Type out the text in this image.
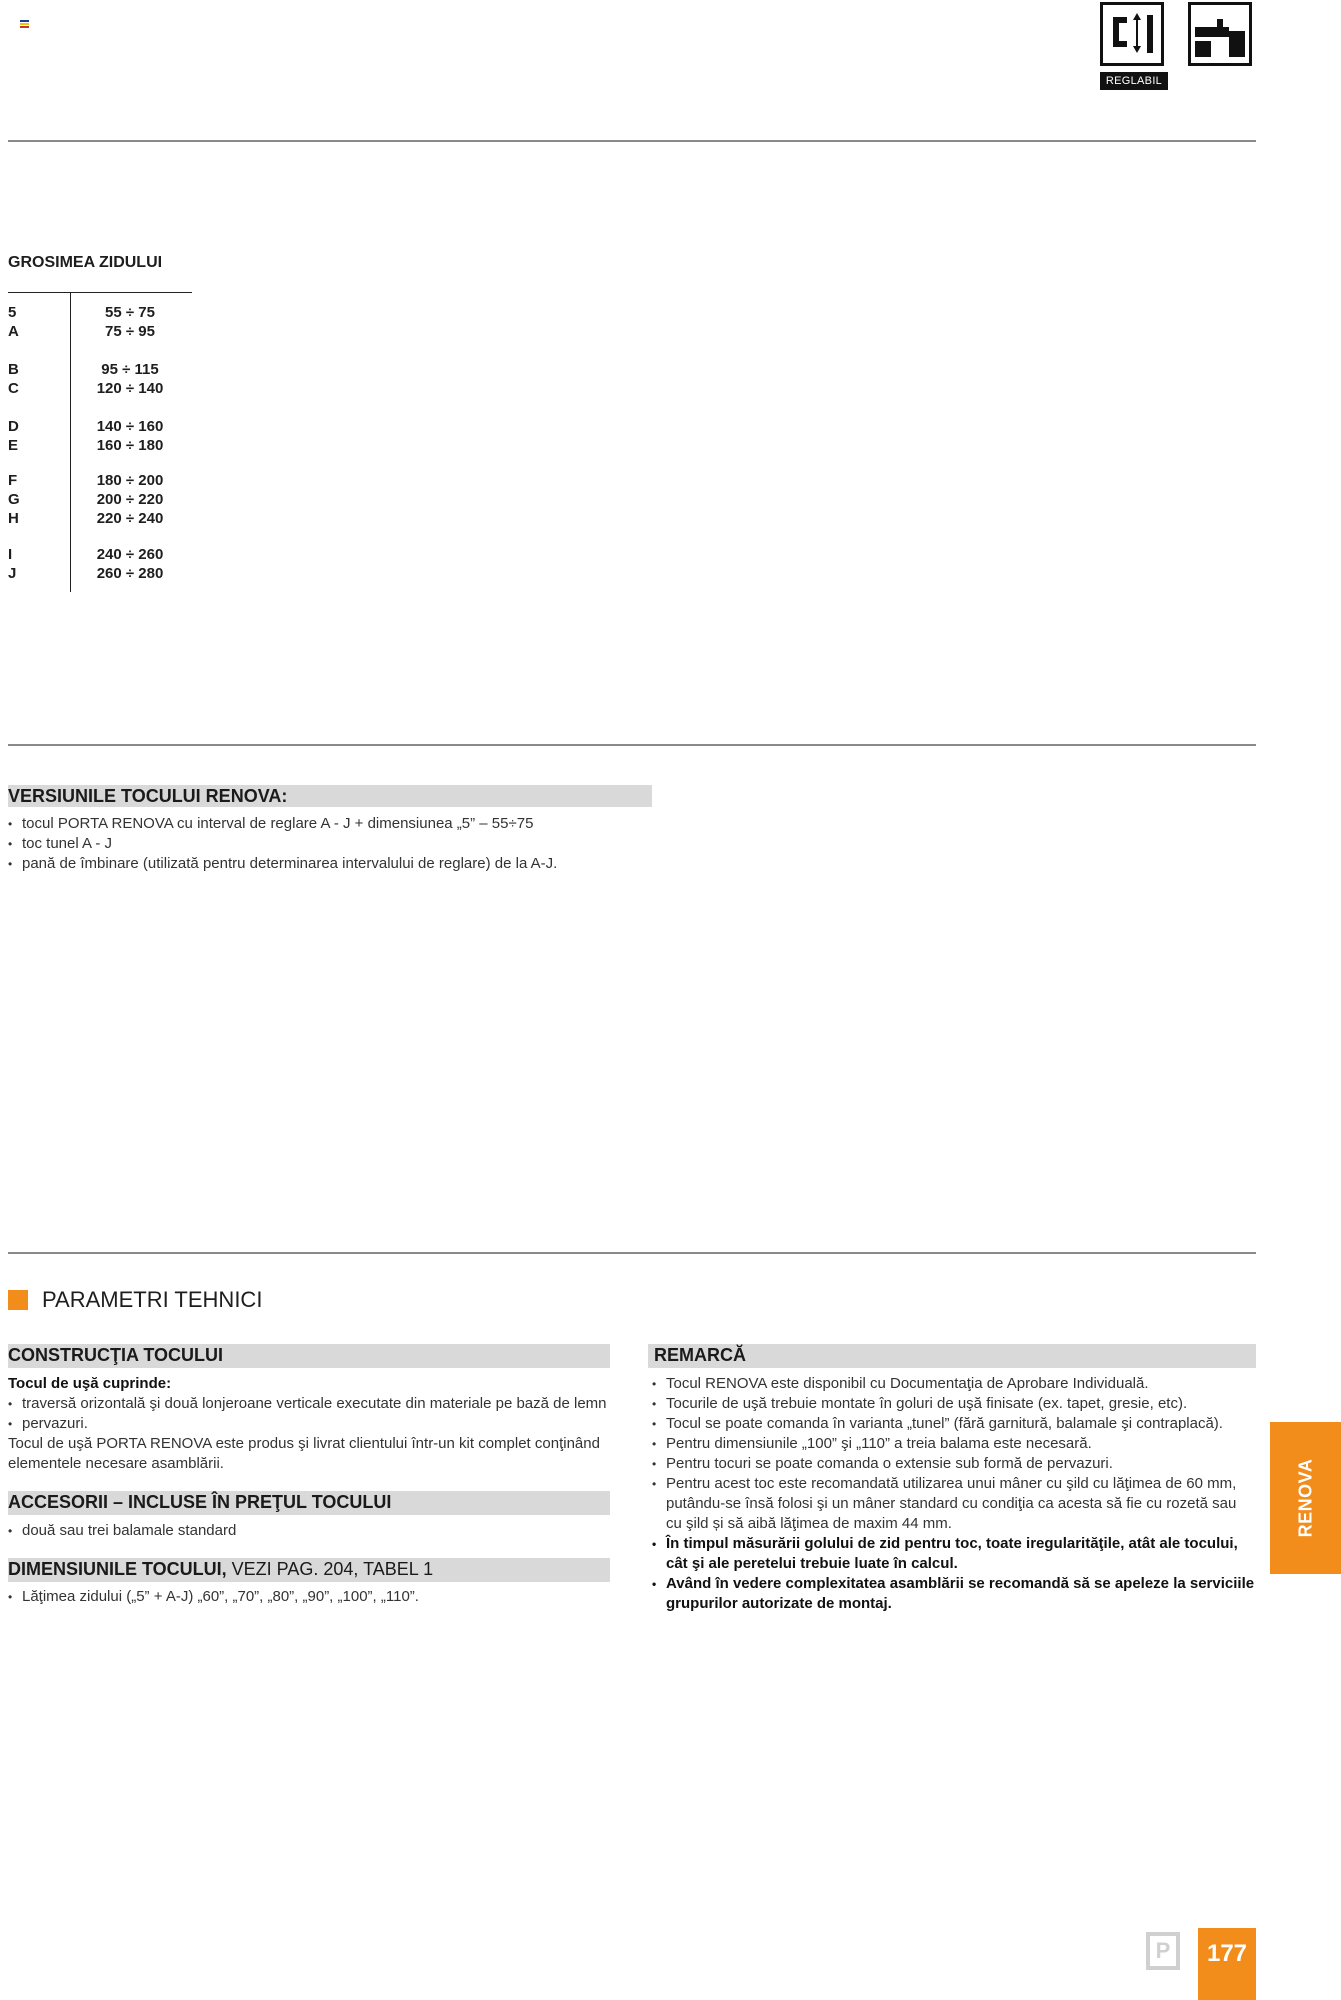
REGLABIL
GROSIMEA ZIDULUI
5	55 ÷ 75
A	75 ÷ 95
B	95 ÷ 115
C	120 ÷ 140
D	140 ÷ 160
E	160 ÷ 180
F	180 ÷ 200
G	200 ÷ 220
H	220 ÷ 240
I	240 ÷ 260
J	260 ÷ 280
VERSIUNILE TOCULUI RENOVA:
• tocul PORTA RENOVA cu interval de reglare A - J + dimensiunea „5” – 55÷75
• toc tunel A - J
• pană de îmbinare (utilizată pentru determinarea intervalului de reglare) de la A-J.
PARAMETRI TEHNICI
CONSTRUCŢIA TOCULUI
Tocul de uşă cuprinde:
• traversă orizontală şi două lonjeroane verticale executate din materiale pe bază de lemn
• pervazuri.
Tocul de uşă PORTA RENOVA este produs şi livrat clientului într-un kit complet conţinând elementele necesare asamblării.
ACCESORII – INCLUSE ÎN PREŢUL TOCULUI
• două sau trei balamale standard
DIMENSIUNILE TOCULUI, VEZI PAG. 204, TABEL 1
• Lăţimea zidului („5” + A-J) „60”, „70”, „80”, „90”, „100”, „110”.
REMARCĂ
• Tocul RENOVA este disponibil cu Documentaţia de Aprobare Individuală.
• Tocurile de uşă trebuie montate în goluri de uşă finisate (ex. tapet, gresie, etc).
• Tocul se poate comanda în varianta „tunel” (fără garnitură, balamale şi contraplacă).
• Pentru dimensiunile „100” şi „110” a treia balama este necesară.
• Pentru tocuri se poate comanda o extensie sub formă de pervazuri.
• Pentru acest toc este recomandată utilizarea unui mâner cu şild cu lăţimea de 60 mm, putându-se însă folosi şi un mâner standard cu condiţia ca acesta să fie cu rozetă sau cu şild și să aibă lăţimea de maxim 44 mm.
• În timpul măsurării golului de zid pentru toc, toate iregularităţile, atât ale tocului, cât şi ale peretelui trebuie luate în calcul.
• Având în vedere complexitatea asamblării se recomandă să se apeleze la serviciile grupurilor autorizate de montaj.
RENOVA
P	177
